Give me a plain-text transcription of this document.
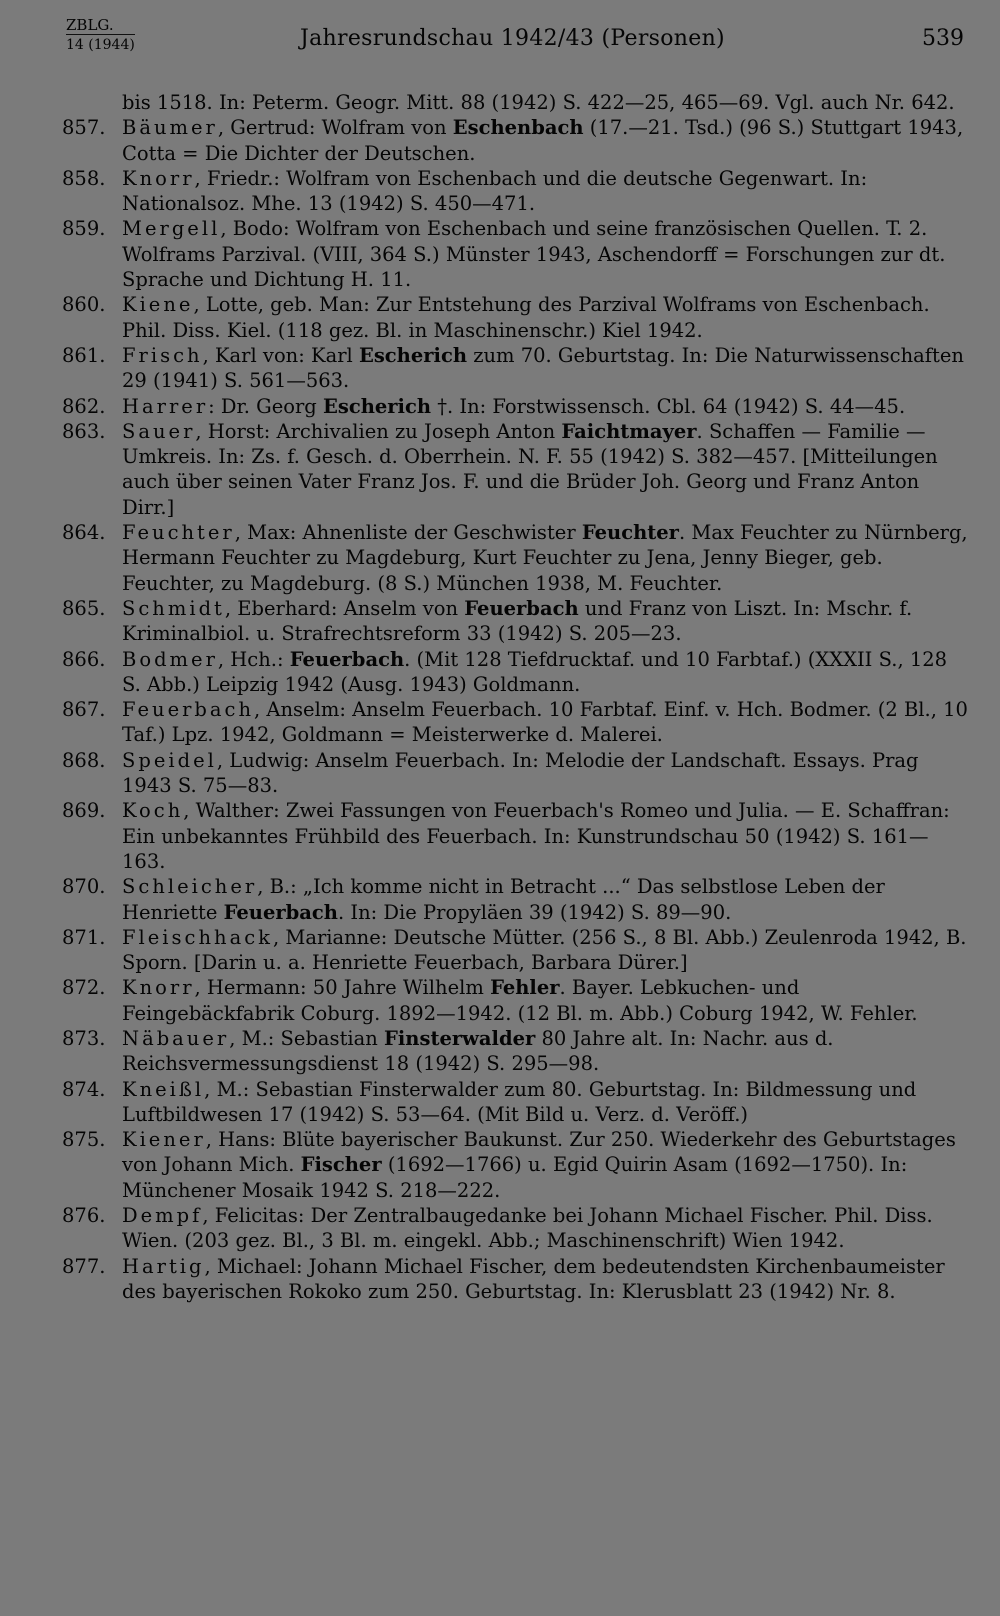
ZBLG.
14 (1944)	Jahresrundschau 1942/43 (Personen)	539
bis 1518. In: Peterm. Geogr. Mitt. 88 (1942) S. 422—25, 465—69. Vgl. auch Nr. 642.
857. Bäumer, Gertrud: Wolfram von Eschenbach (17.—21. Tsd.) (96 S.) Stuttgart 1943, Cotta = Die Dichter der Deutschen.
858. Knorr, Friedr.: Wolfram von Eschenbach und die deutsche Gegenwart. In: Nationalsoz. Mhe. 13 (1942) S. 450—471.
859. Mergell, Bodo: Wolfram von Eschenbach und seine französischen Quellen. T. 2. Wolframs Parzival. (VIII, 364 S.) Münster 1943, Aschendorff = Forschungen zur dt. Sprache und Dichtung H. 11.
860. Kiene, Lotte, geb. Man: Zur Entstehung des Parzival Wolframs von Eschenbach. Phil. Diss. Kiel. (118 gez. Bl. in Maschinenschr.) Kiel 1942.
861. Frisch, Karl von: Karl Escherich zum 70. Geburtstag. In: Die Naturwissenschaften 29 (1941) S. 561—563.
862. Harrer: Dr. Georg Escherich †. In: Forstwissensch. Cbl. 64 (1942) S. 44—45.
863. Sauer, Horst: Archivalien zu Joseph Anton Faichtmayer. Schaffen — Familie — Umkreis. In: Zs. f. Gesch. d. Oberrhein. N. F. 55 (1942) S. 382—457. [Mitteilungen auch über seinen Vater Franz Jos. F. und die Brüder Joh. Georg und Franz Anton Dirr.]
864. Feuchter, Max: Ahnenliste der Geschwister Feuchter. Max Feuchter zu Nürnberg, Hermann Feuchter zu Magdeburg, Kurt Feuchter zu Jena, Jenny Bieger, geb. Feuchter, zu Magdeburg. (8 S.) München 1938, M. Feuchter.
865. Schmidt, Eberhard: Anselm von Feuerbach und Franz von Liszt. In: Mschr. f. Kriminalbiol. u. Strafrechtsreform 33 (1942) S. 205—23.
866. Bodmer, Hch.: Feuerbach. (Mit 128 Tiefdrucktaf. und 10 Farbtaf.) (XXXII S., 128 S. Abb.) Leipzig 1942 (Ausg. 1943) Goldmann.
867. Feuerbach, Anselm: Anselm Feuerbach. 10 Farbtaf. Einf. v. Hch. Bodmer. (2 Bl., 10 Taf.) Lpz. 1942, Goldmann = Meisterwerke d. Malerei.
868. Speidel, Ludwig: Anselm Feuerbach. In: Melodie der Landschaft. Essays. Prag 1943 S. 75—83.
869. Koch, Walther: Zwei Fassungen von Feuerbach's Romeo und Julia. — E. Schaffran: Ein unbekanntes Frühbild des Feuerbach. In: Kunstrundschau 50 (1942) S. 161—163.
870. Schleicher, B.: „Ich komme nicht in Betracht ...“ Das selbstlose Leben der Henriette Feuerbach. In: Die Propyläen 39 (1942) S. 89—90.
871. Fleischhack, Marianne: Deutsche Mütter. (256 S., 8 Bl. Abb.) Zeulenroda 1942, B. Sporn. [Darin u. a. Henriette Feuerbach, Barbara Dürer.]
872. Knorr, Hermann: 50 Jahre Wilhelm Fehler. Bayer. Lebkuchen- und Feingebäckfabrik Coburg. 1892—1942. (12 Bl. m. Abb.) Coburg 1942, W. Fehler.
873. Näbauer, M.: Sebastian Finsterwalder 80 Jahre alt. In: Nachr. aus d. Reichsvermessungsdienst 18 (1942) S. 295—98.
874. Kneißl, M.: Sebastian Finsterwalder zum 80. Geburtstag. In: Bildmessung und Luftbildwesen 17 (1942) S. 53—64. (Mit Bild u. Verz. d. Veröff.)
875. Kiener, Hans: Blüte bayerischer Baukunst. Zur 250. Wiederkehr des Geburtstages von Johann Mich. Fischer (1692—1766) u. Egid Quirin Asam (1692—1750). In: Münchener Mosaik 1942 S. 218—222.
876. Dempf, Felicitas: Der Zentralbaugedanke bei Johann Michael Fischer. Phil. Diss. Wien. (203 gez. Bl., 3 Bl. m. eingekl. Abb.; Maschinenschrift) Wien 1942.
877. Hartig, Michael: Johann Michael Fischer, dem bedeutendsten Kirchenbaumeister des bayerischen Rokoko zum 250. Geburtstag. In: Klerusblatt 23 (1942) Nr. 8.
